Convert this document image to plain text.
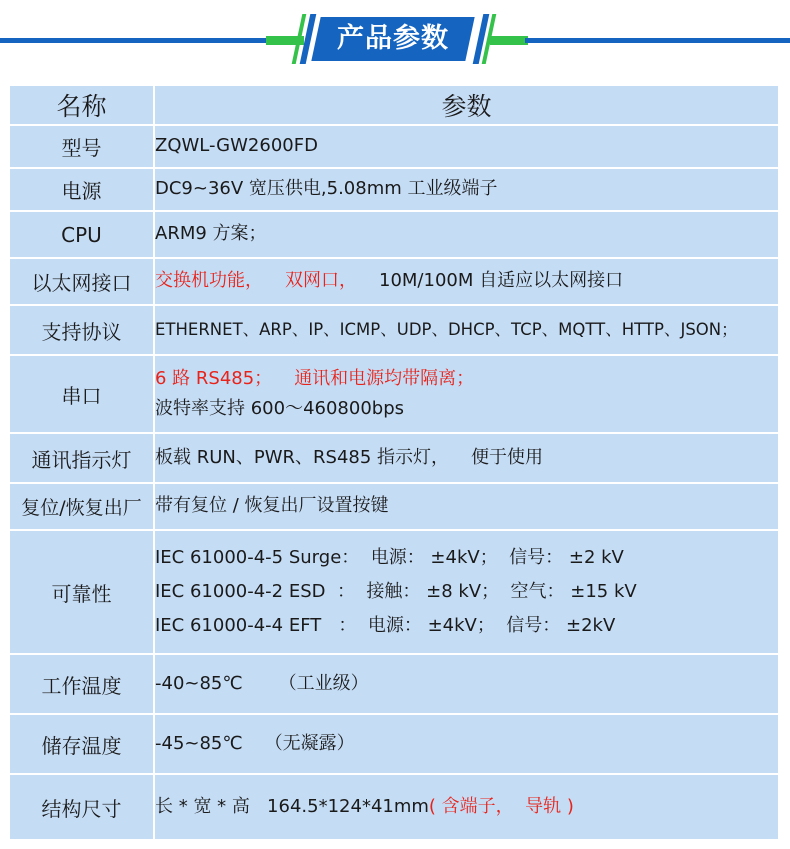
产品参数
名称	参数
型号	ZQWL-GW2600FD
电源	DC9~36V 宽压供电,5.08mm 工业级端子
CPU	ARM9 方案；
以太网接口	交换机功能， 双网口， 10M/100M 自适应以太网接口
支持协议	ETHERNET、ARP、IP、ICMP、UDP、DHCP、TCP、MQTT、HTTP、JSON；
串口	6 路 RS485； 通讯和电源均带隔离；
波特率支持 600～460800bps

通讯指示灯	板载 RUN、PWR、RS485 指示灯， 便于使用
复位/恢复出厂	带有复位 / 恢复出厂设置按键
可靠性	IEC 61000-4-5 Surge：  电源： ±4kV；  信号： ±2 kV
IEC 61000-4-2 ESD  ：  接触： ±8 kV；  空气： ±15 kV
IEC 61000-4-4 EFT   ：  电源： ±4kV；  信号： ±2kV

工作温度	-40~85℃ （工业级）
储存温度	-45~85℃ （无凝露）
结构尺寸	长 * 宽 * 高   164.5*124*41mm( 含端子，  导轨 )
